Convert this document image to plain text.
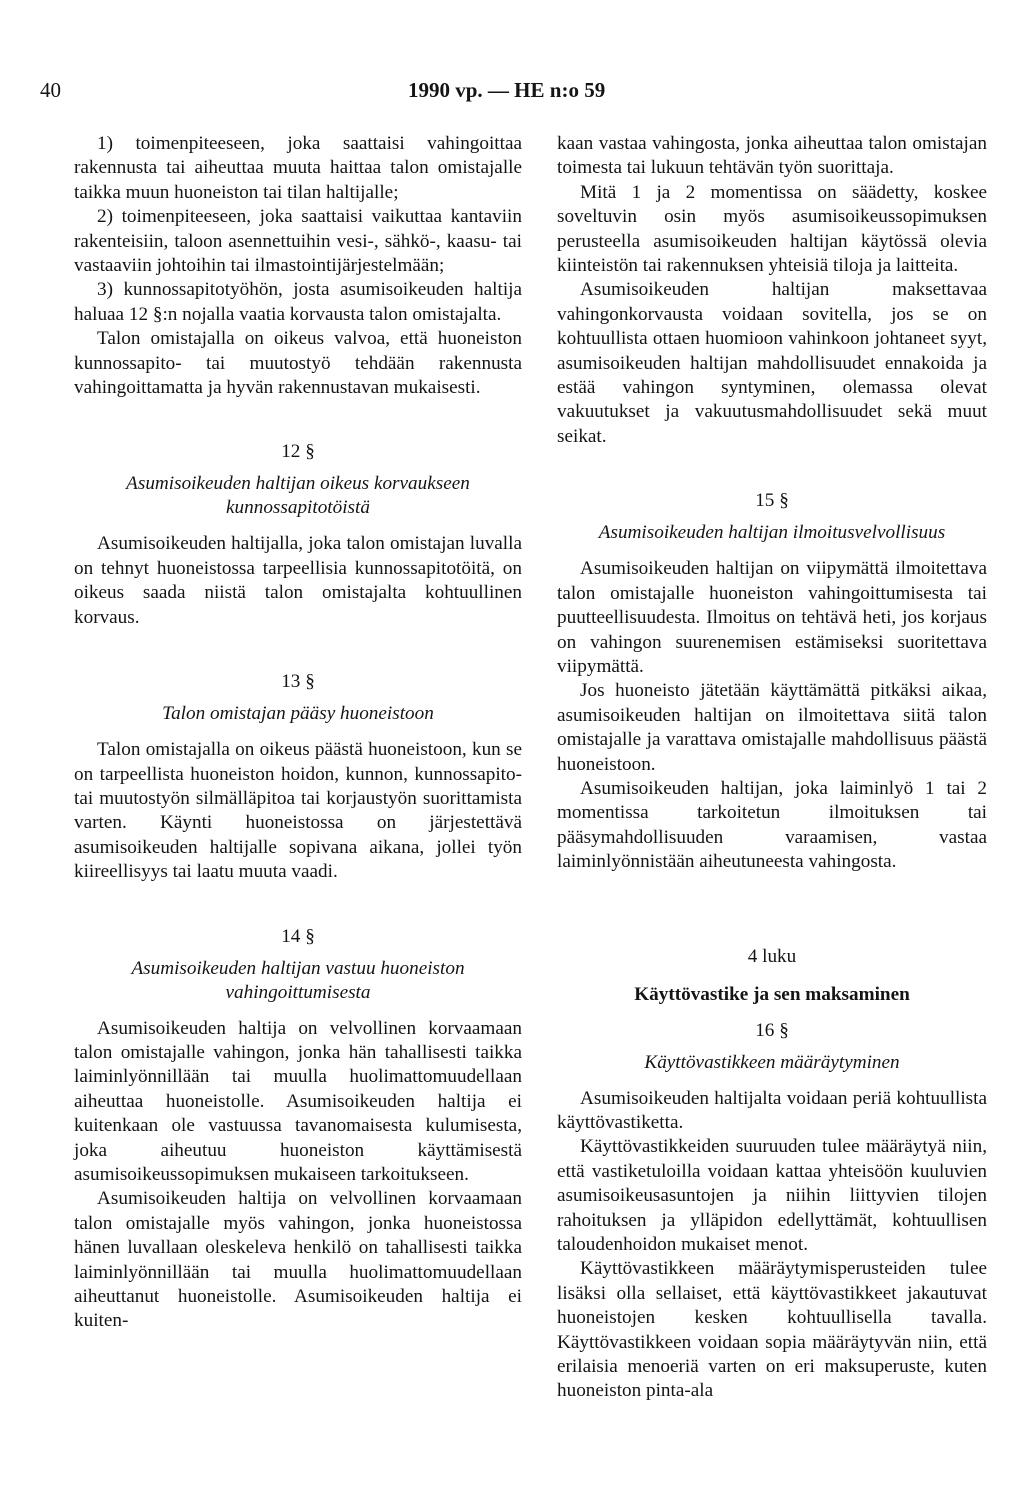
40	1990 vp. — HE n:o 59

1) toimenpiteeseen, joka saattaisi vahingoittaa rakennusta tai aiheuttaa muuta haittaa talon omistajalle taikka muun huoneiston tai tilan haltijalle;

2) toimenpiteeseen, joka saattaisi vaikuttaa kantaviin rakenteisiin, taloon asennettuihin vesi-, sähkö-, kaasu- tai vastaaviin johtoihin tai ilmastointijärjestelmään;

3) kunnossapitotyöhön, josta asumisoikeuden haltija haluaa 12 §:n nojalla vaatia korvausta talon omistajalta.

Talon omistajalla on oikeus valvoa, että huoneiston kunnossapito- tai muutostyö tehdään rakennusta vahingoittamatta ja hyvän rakennustavan mukaisesti.

12 §
Asumisoikeuden haltijan oikeus korvaukseen kunnossapitotöistä

Asumisoikeuden haltijalla, joka talon omistajan luvalla on tehnyt huoneistossa tarpeellisia kunnossapitotöitä, on oikeus saada niistä talon omistajalta kohtuullinen korvaus.

13 §
Talon omistajan pääsy huoneistoon

Talon omistajalla on oikeus päästä huoneistoon, kun se on tarpeellista huoneiston hoidon, kunnon, kunnossapito- tai muutostyön silmälläpitoa tai korjaustyön suorittamista varten. Käynti huoneistossa on järjestettävä asumisoikeuden haltijalle sopivana aikana, jollei työn kiireellisyys tai laatu muuta vaadi.

14 §
Asumisoikeuden haltijan vastuu huoneiston vahingoittumisesta

Asumisoikeuden haltija on velvollinen korvaamaan talon omistajalle vahingon, jonka hän tahallisesti taikka laiminlyönnillään tai muulla huolimattomuudellaan aiheuttaa huoneistolle. Asumisoikeuden haltija ei kuitenkaan ole vastuussa tavanomaisesta kulumisesta, joka aiheutuu huoneiston käyttämisestä asumisoikeussopimuksen mukaiseen tarkoitukseen.

Asumisoikeuden haltija on velvollinen korvaamaan talon omistajalle myös vahingon, jonka huoneistossa hänen luvallaan oleskeleva henkilö on tahallisesti taikka laiminlyönnillään tai muulla huolimattomuudellaan aiheuttanut huoneistolle. Asumisoikeuden haltija ei kuiten-

kaan vastaa vahingosta, jonka aiheuttaa talon omistajan toimesta tai lukuun tehtävän työn suorittaja.

Mitä 1 ja 2 momentissa on säädetty, koskee soveltuvin osin myös asumisoikeussopimuksen perusteella asumisoikeuden haltijan käytössä olevia kiinteistön tai rakennuksen yhteisiä tiloja ja laitteita.

Asumisoikeuden haltijan maksettavaa vahingonkorvausta voidaan sovitella, jos se on kohtuullista ottaen huomioon vahinkoon johtaneet syyt, asumisoikeuden haltijan mahdollisuudet ennakoida ja estää vahingon syntyminen, olemassa olevat vakuutukset ja vakuutusmahdollisuudet sekä muut seikat.

15 §
Asumisoikeuden haltijan ilmoitusvelvollisuus

Asumisoikeuden haltijan on viipymättä ilmoitettava talon omistajalle huoneiston vahingoittumisesta tai puutteellisuudesta. Ilmoitus on tehtävä heti, jos korjaus on vahingon suurenemisen estämiseksi suoritettava viipymättä.

Jos huoneisto jätetään käyttämättä pitkäksi aikaa, asumisoikeuden haltijan on ilmoitettava siitä talon omistajalle ja varattava omistajalle mahdollisuus päästä huoneistoon.

Asumisoikeuden haltijan, joka laiminlyö 1 tai 2 momentissa tarkoitetun ilmoituksen tai pääsymahdollisuuden varaamisen, vastaa laiminlyönnistään aiheutuneesta vahingosta.

4 luku
Käyttövastike ja sen maksaminen
16 §
Käyttövastikkeen määräytyminen

Asumisoikeuden haltijalta voidaan periä kohtuullista käyttövastiketta.

Käyttövastikkeiden suuruuden tulee määräytyä niin, että vastiketuloilla voidaan kattaa yhteisöön kuuluvien asumisoikeusasuntojen ja niihin liittyvien tilojen rahoituksen ja ylläpidon edellyttämät, kohtuullisen taloudenhoidon mukaiset menot.

Käyttövastikkeen määräytymisperusteiden tulee lisäksi olla sellaiset, että käyttövastikkeet jakautuvat huoneistojen kesken kohtuullisella tavalla. Käyttövastikkeen voidaan sopia määräytyvän niin, että erilaisia menoeriä varten on eri maksuperuste, kuten huoneiston pinta-ala
